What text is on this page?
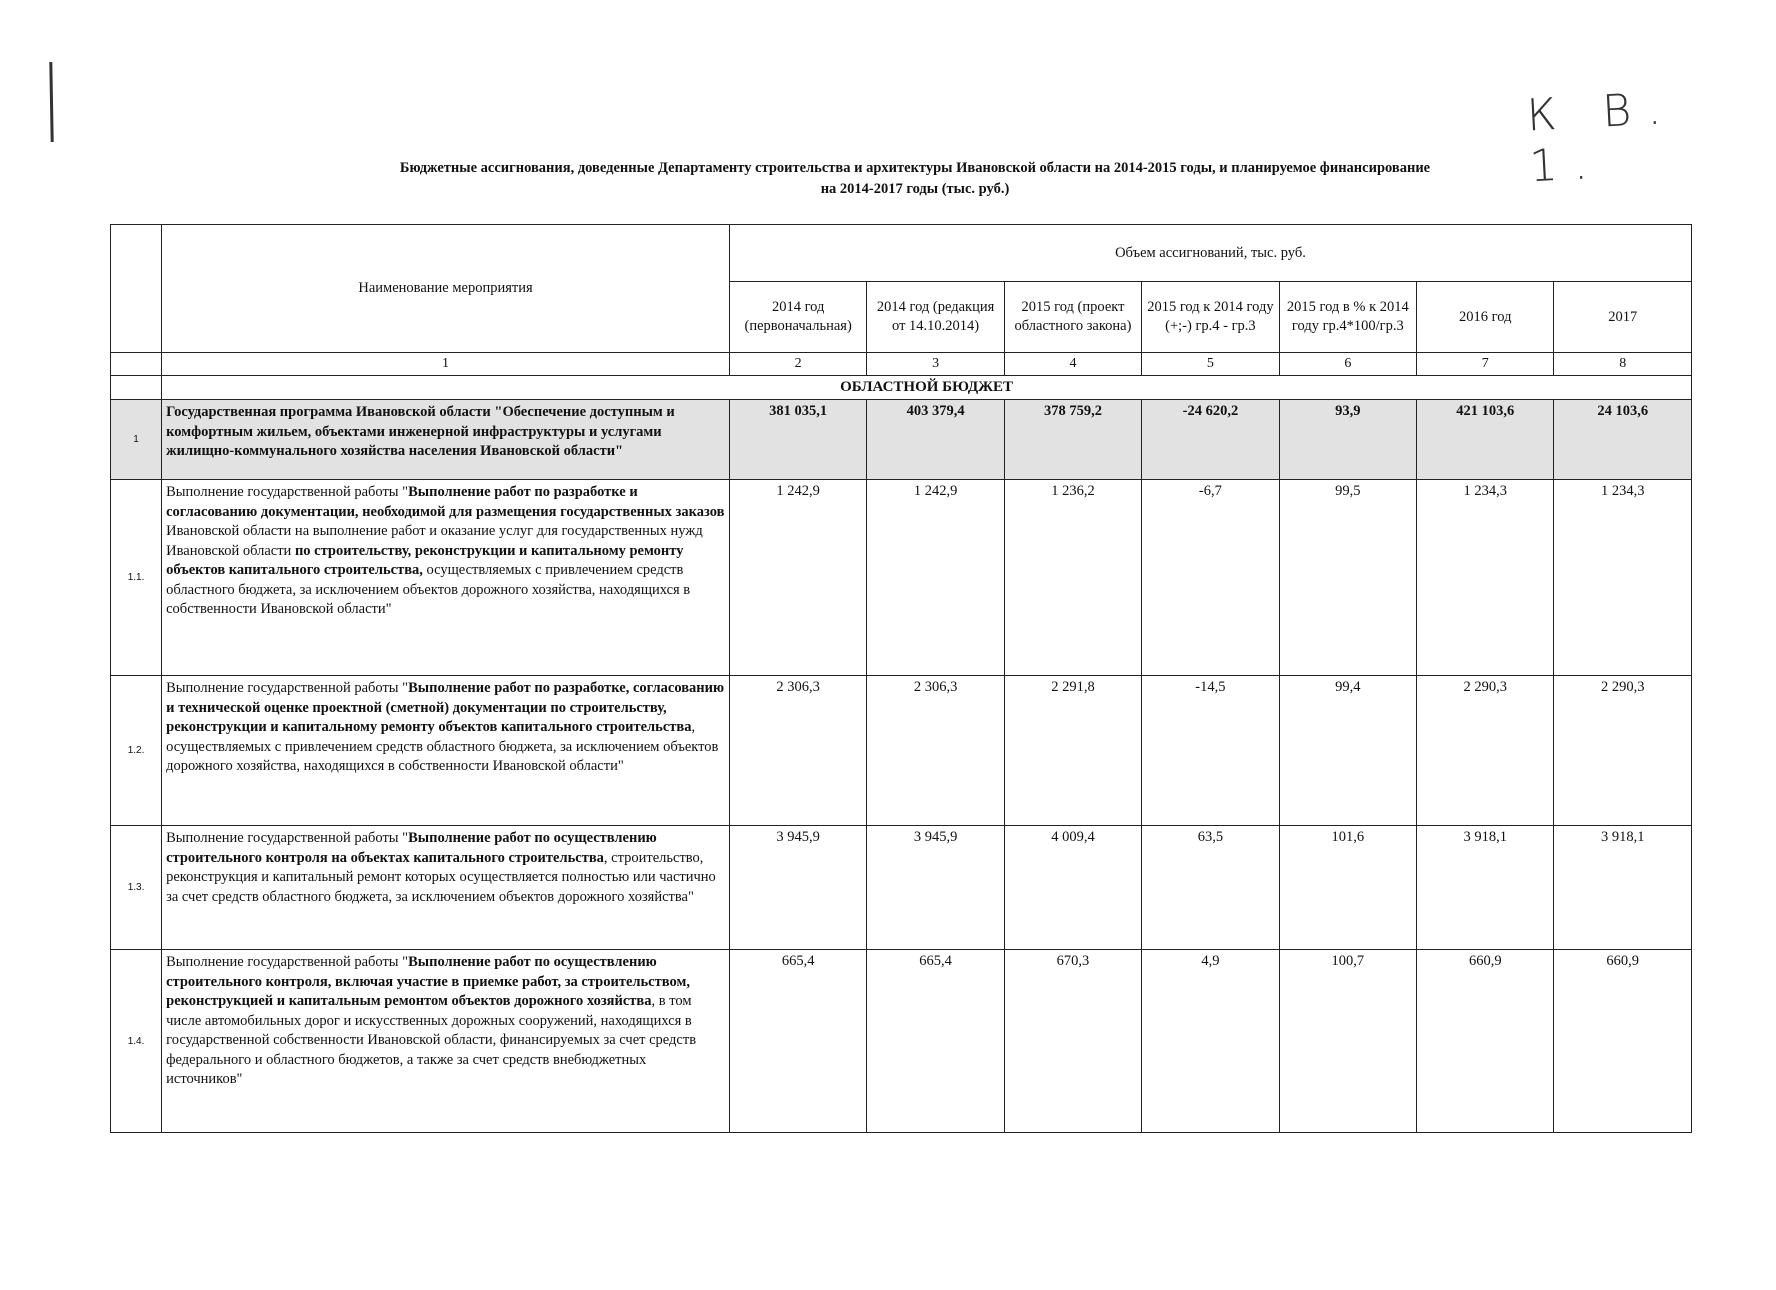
К В. 1.
Бюджетные ассигнования, доведенные Департаменту строительства и архитектуры Ивановской области на 2014-2015 годы, и планируемое финансирование
на 2014-2017 годы (тыс. руб.)
	Наименование мероприятия	Объем ассигнований, тыс. руб.						
		2014 год (первоначальная)	2014 год (редакция от 14.10.2014)	2015 год (проект областного закона)	2015 год к 2014 году (+;-) гр.4 - гр.3	2015 год в % к 2014 году гр.4*100/гр.3	2016 год	2017
	1	2	3	4	5	6	7	8
	ОБЛАСТНОЙ БЮДЖЕТ							
1	Государственная программа Ивановской области "Обеспечение доступным и комфортным жильем, объектами инженерной инфраструктуры и услугами жилищно-коммунального хозяйства населения Ивановской области"	381 035,1	403 379,4	378 759,2	-24 620,2	93,9	421 103,6	24 103,6
1.1.	Выполнение государственной работы "Выполнение работ по разработке и согласованию документации, необходимой для размещения государственных заказов Ивановской области на выполнение работ и оказание услуг для государственных нужд Ивановской области по строительству, реконструкции и капитальному ремонту объектов капитального строительства, осуществляемых с привлечением средств областного бюджета, за исключением объектов дорожного хозяйства, находящихся в собственности Ивановской области"	1 242,9	1 242,9	1 236,2	-6,7	99,5	1 234,3	1 234,3
1.2.	Выполнение государственной работы "Выполнение работ по разработке, согласованию и технической оценке проектной (сметной) документации по строительству, реконструкции и капитальному ремонту объектов капитального строительства, осуществляемых с привлечением средств областного бюджета, за исключением объектов дорожного хозяйства, находящихся в собственности Ивановской области"	2 306,3	2 306,3	2 291,8	-14,5	99,4	2 290,3	2 290,3
1.3.	Выполнение государственной работы "Выполнение работ по осуществлению строительного контроля на объектах капитального строительства, строительство, реконструкция и капитальный ремонт которых осуществляется полностью или частично за счет средств областного бюджета, за исключением объектов дорожного хозяйства"	3 945,9	3 945,9	4 009,4	63,5	101,6	3 918,1	3 918,1
1.4.	Выполнение государственной работы "Выполнение работ по осуществлению строительного контроля, включая участие в приемке работ, за строительством, реконструкцией и капитальным ремонтом объектов дорожного хозяйства, в том числе автомобильных дорог и искусственных дорожных сооружений, находящихся в государственной собственности Ивановской области, финансируемых за счет средств федерального и областного бюджетов, а также за счет средств внебюджетных источников"	665,4	665,4	670,3	4,9	100,7	660,9	660,9
